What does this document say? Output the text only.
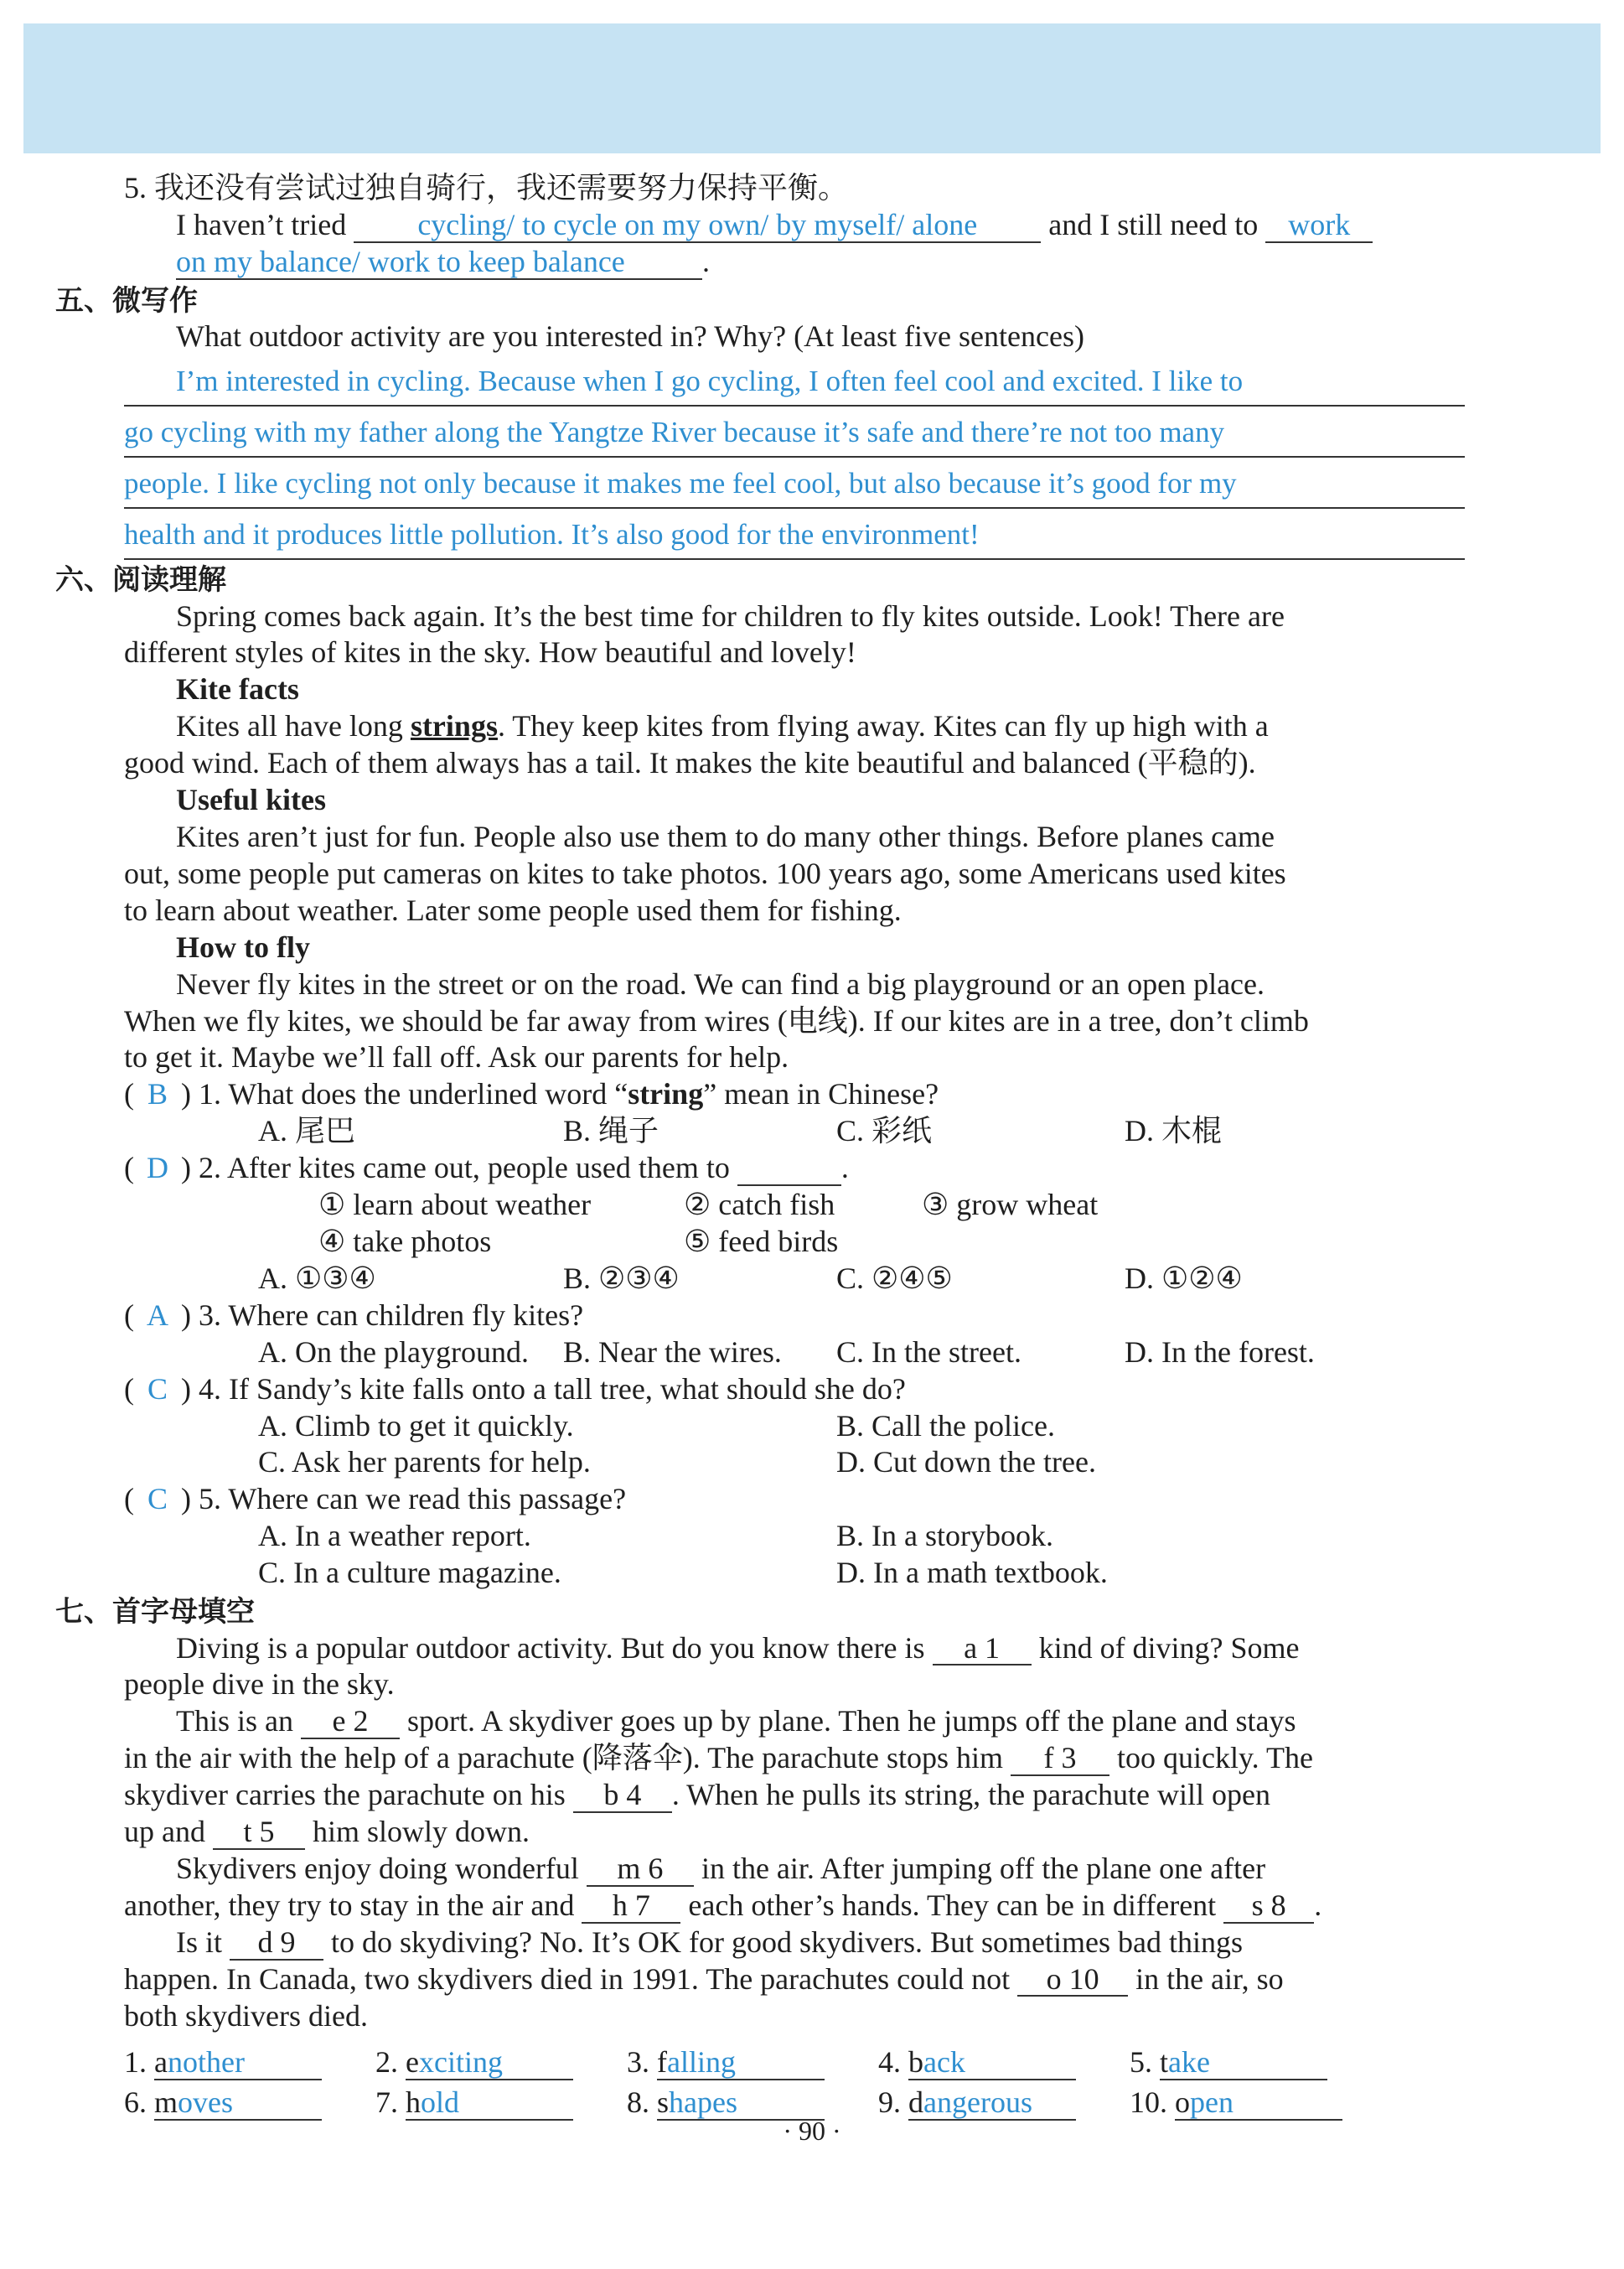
5. 我还没有尝试过独自骑行，我还需要努力保持平衡。
I haven’t tried cycling/ to cycle on my own/ by myself/ alone and I still need to work
on my balance/ work to keep balance	.
五、微写作
What outdoor activity are you interested in? Why? (At least five sentences)
I’m interested in cycling. Because when I go cycling, I often feel cool and excited. I like to
go cycling with my father along the Yangtze River because it’s safe and there’re not too many
people. I like cycling not only because it makes me feel cool, but also because it’s good for my
health and it produces little pollution. It’s also good for the environment!
六、阅读理解
Spring comes back again. It’s the best time for children to fly kites outside. Look! There are
different styles of kites in the sky. How beautiful and lovely!
Kite facts
Kites all have long strings. They keep kites from flying away. Kites can fly up high with a
good wind. Each of them always has a tail. It makes the kite beautiful and balanced (平稳的).
Useful kites
Kites aren’t just for fun. People also use them to do many other things. Before planes came
out, some people put cameras on kites to take photos. 100 years ago, some Americans used kites
to learn about weather. Later some people used them for fishing.
How to fly
Never fly kites in the street or on the road. We can find a big playground or an open place.
When we fly kites, we should be far away from wires (电线). If our kites are in a tree, don’t climb
to get it. Maybe we’ll fall off. Ask our parents for help.
( B ) 1. What does the underlined word “string” mean in Chinese?
A. 尾巴	B. 绳子	C. 彩纸	D. 木棍
( D ) 2. After kites came out, people used them to	.
① learn about weather	② catch fish	③ grow wheat
④ take photos	⑤ feed birds
A. ①③④	B. ②③④	C. ②④⑤	D. ①②④
( A ) 3. Where can children fly kites?
A. On the playground.	B. Near the wires.	C. In the street.	D. In the forest.
( C ) 4. If Sandy’s kite falls onto a tall tree, what should she do?
A. Climb to get it quickly.	B. Call the police.
C. Ask her parents for help.	D. Cut down the tree.
( C ) 5. Where can we read this passage?
A. In a weather report.	B. In a storybook.
C. In a culture magazine.	D. In a math textbook.
七、首字母填空
Diving is a popular outdoor activity. But do you know there is a 1 kind of diving? Some
people dive in the sky.
This is an e 2 sport. A skydiver goes up by plane. Then he jumps off the plane and stays
in the air with the help of a parachute (降落伞). The parachute stops him f 3 too quickly. The
skydiver carries the parachute on his b 4 . When he pulls its string, the parachute will open
up and t 5 him slowly down.
Skydivers enjoy doing wonderful m 6 in the air. After jumping off the plane one after
another, they try to stay in the air and h 7 each other’s hands. They can be in different s 8 .
Is it d 9 to do skydiving? No. It’s OK for good skydivers. But sometimes bad things
happen. In Canada, two skydivers died in 1991. The parachutes could not o 10 in the air, so
both skydivers died.
1. another	2. exciting	3. falling	4. back	5. take
6. moves	7. hold	8. shapes	9. dangerous	10. open
· 90 ·
